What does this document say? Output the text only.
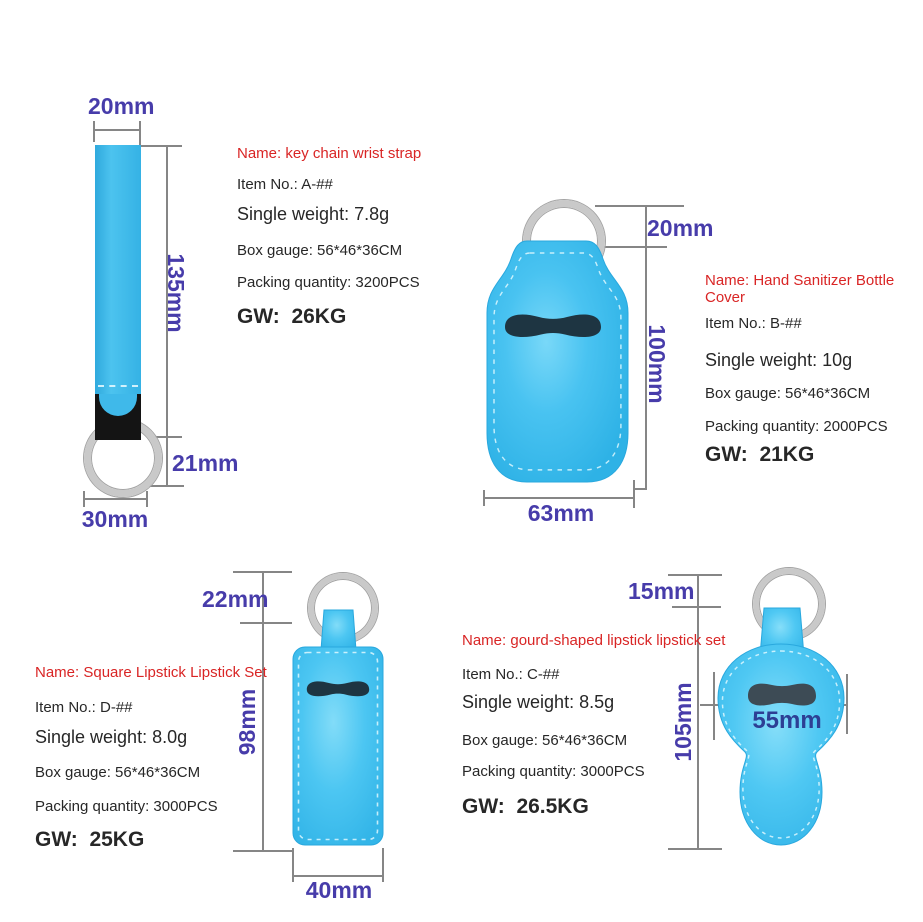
20mm
135mm
21mm
30mm
Name: key chain wrist strap
Item No.: A-##
Single weight: 7.8g
Box gauge: 56*46*36CM
Packing quantity: 3200PCS
GW:  26KG
20mm
100mm
63mm
Name: Hand Sanitizer Bottle Cover
Item No.: B-##
Single weight: 10g
Box gauge: 56*46*36CM
Packing quantity: 2000PCS
GW:  21KG
22mm
98mm
40mm
Name: Square Lipstick Lipstick Set
Item No.: D-##
Single weight: 8.0g
Box gauge: 56*46*36CM
Packing quantity: 3000PCS
GW:  25KG
15mm
105mm 55mm
Name: gourd-shaped lipstick lipstick set
Item No.: C-##
Single weight: 8.5g
Box gauge: 56*46*36CM
Packing quantity: 3000PCS
GW:  26.5KG
